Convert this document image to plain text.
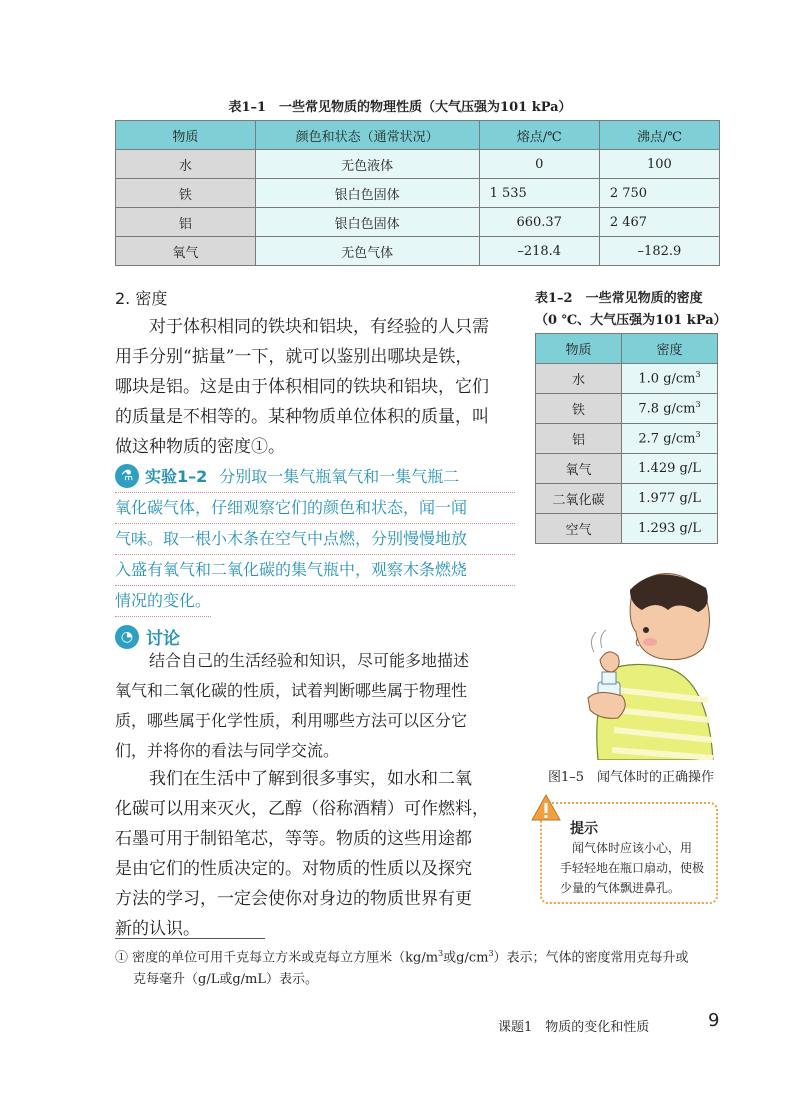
表1–1　一些常见物质的物理性质（大气压强为101 kPa）
物质	颜色和状态（通常状况）	熔点/℃	沸点/℃
水	无色液体	0	100
铁	银白色固体	1 535	2 750
铝	银白色固体	660.37	2 467
氧气	无色气体	–218.4	–182.9
2. 密度
对于体积相同的铁块和铝块，有经验的人只需
用手分别“掂量”一下，就可以鉴别出哪块是铁，
哪块是铝。这是由于体积相同的铁块和铝块，它们
的质量是不相等的。某种物质单位体积的质量，叫
做这种物质的密度①。
⚗ 实验1–2 分别取一集气瓶氧气和一集气瓶二
氧化碳气体，仔细观察它们的颜色和状态，闻一闻
气味。取一根小木条在空气中点燃，分别慢慢地放
入盛有氧气和二氧化碳的集气瓶中，观察木条燃烧
情况的变化。
◔ 讨论
结合自己的生活经验和知识，尽可能多地描述
氧气和二氧化碳的性质，试着判断哪些属于物理性
质，哪些属于化学性质，利用哪些方法可以区分它
们，并将你的看法与同学交流。
我们在生活中了解到很多事实，如水和二氧
化碳可以用来灭火，乙醇（俗称酒精）可作燃料，
石墨可用于制铅笔芯，等等。物质的这些用途都
是由它们的性质决定的。对物质的性质以及探究
方法的学习，一定会使你对身边的物质世界有更
新的认识。
表1–2　一些常见物质的密度
（0 ℃、大气压强为101 kPa）
物质	密度
水	1.0 $g/cm^3$
铁	7.8 $g/cm^3$
铝	2.7 $g/cm^3$
氧气	1.429 g/L
二氧化碳	1.977 g/L
空气	1.293 g/L
图1–5　闻气体时的正确操作
提示
闻气体时应该小心，用
手轻轻地在瓶口扇动，使极
少量的气体飘进鼻孔。
① 密度的单位可用千克每立方米或克每立方厘米（$kg/m^3$或$g/cm^3$）表示；气体的密度常用克每升或
克每毫升（g/L或g/mL）表示。
课题1　物质的变化和性质	9
